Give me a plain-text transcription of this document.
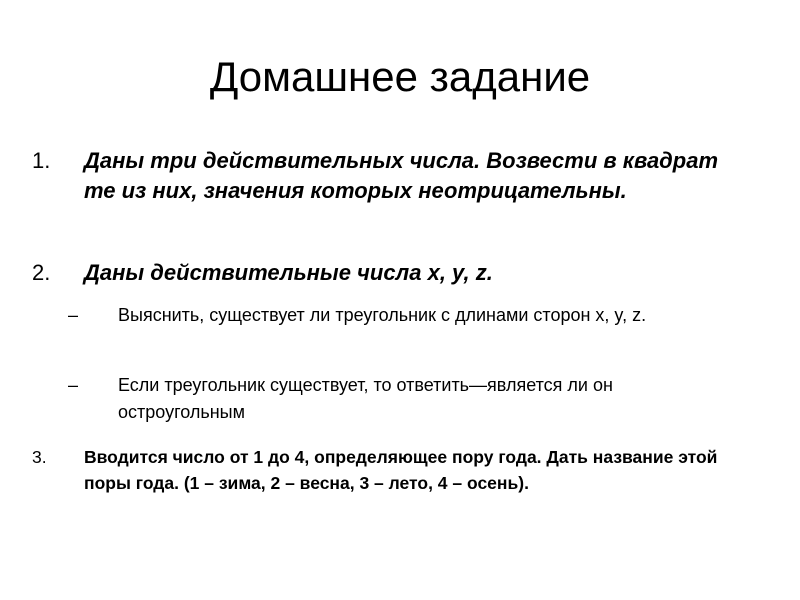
Домашнее задание
1.	Даны три действительных числа. Возвести в квадрат те из них, значения которых неотрицательны.
2.	Даны действительные числа x, y, z.
–	Выяснить, существует ли треугольник с длинами сторон x, y, z.
–	Если треугольник существует, то ответить—является ли он остроугольным
3.	Вводится число от 1 до 4, определяющее пору года. Дать название этой поры года. (1 – зима, 2 – весна, 3 – лето, 4 – осень).
